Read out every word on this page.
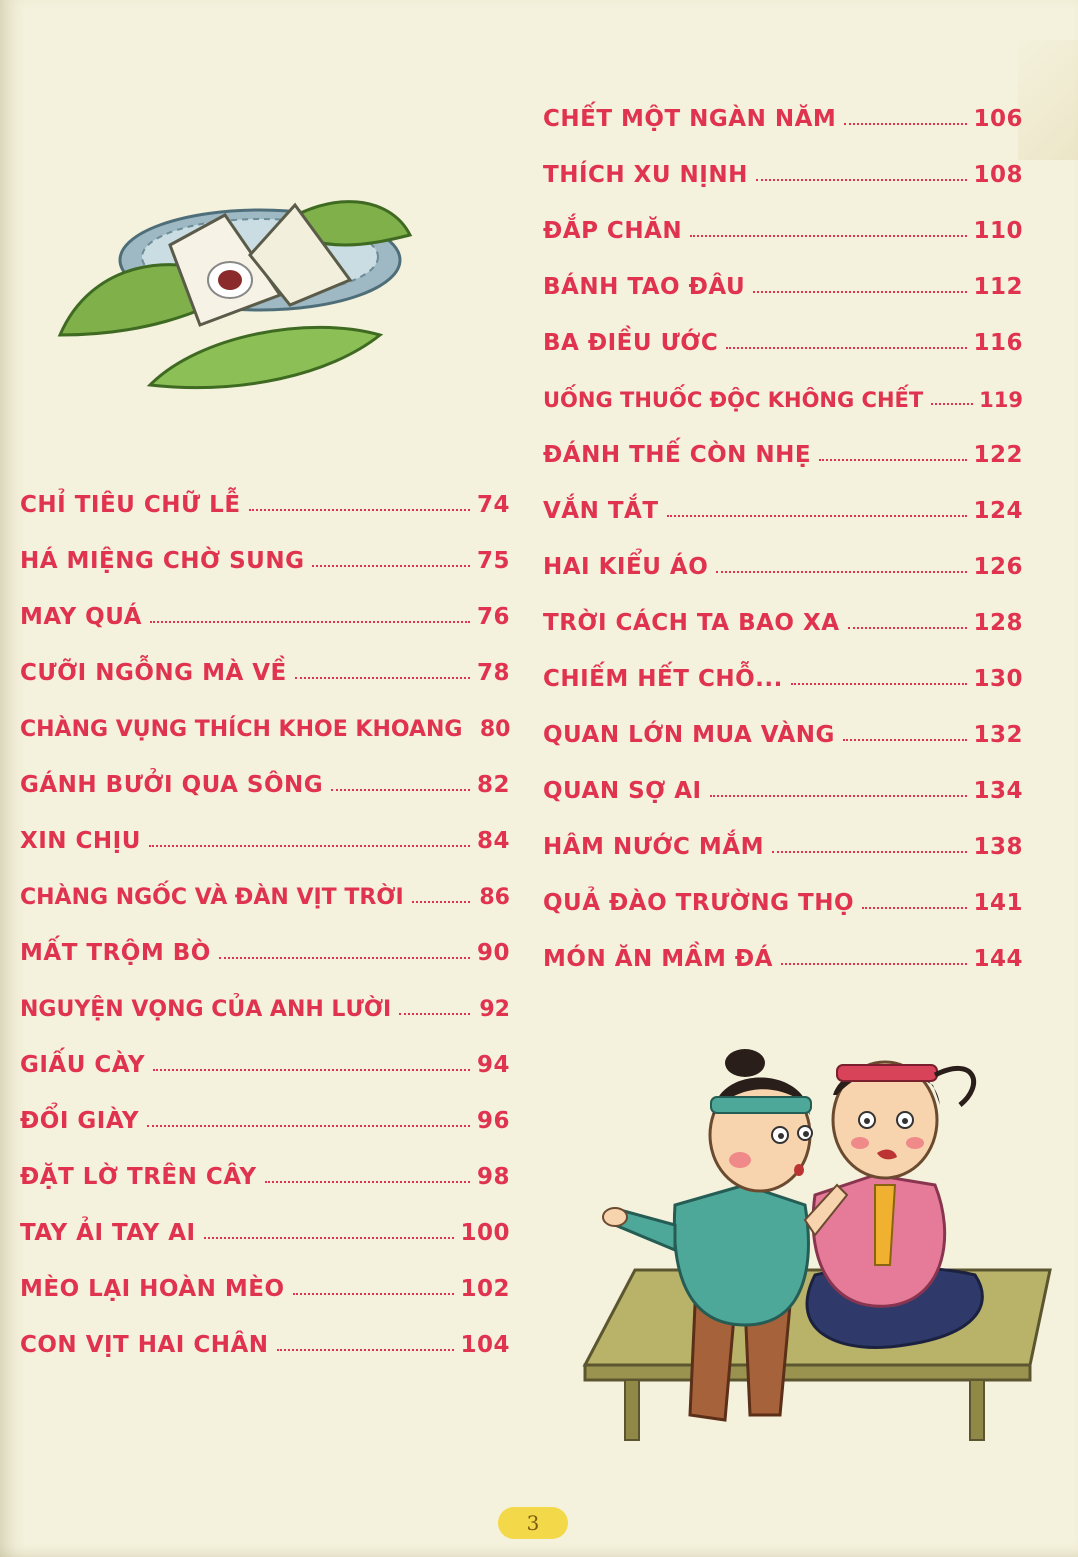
CHỈ TIÊU CHỮ LỄ	74
HÁ MIỆNG CHỜ SUNG	75
MAY QUÁ	76
CƯỠI NGỖNG MÀ VỀ	78
CHÀNG VỤNG THÍCH KHOE KHOANG 80
GÁNH BƯỞI QUA SÔNG	82
XIN CHỊU	84
CHÀNG NGỐC VÀ ĐÀN VỊT TRỜI	86
MẤT TRỘM BÒ	90
NGUYỆN VỌNG CỦA ANH LƯỜI	92
GIẤU CÀY	94
ĐỔI GIÀY	96
ĐẶT LỜ TRÊN CÂY	98
TAY ẢI TAY AI	100
MÈO LẠI HOÀN MÈO	102
CON VỊT HAI CHÂN	104
CHẾT MỘT NGÀN NĂM	106
THÍCH XU NỊNH	108
ĐẮP CHĂN	110
BÁNH TAO ĐÂU	112
BA ĐIỀU ƯỚC	116
UỐNG THUỐC ĐỘC KHÔNG CHẾT	119
ĐÁNH THẾ CÒN NHẸ	122
VẮN TẮT	124
HAI KIỂU ÁO	126
TRỜI CÁCH TA BAO XA	128
CHIẾM HẾT CHỖ...	130
QUAN LỚN MUA VÀNG	132
QUAN SỢ AI	134
HÂM NƯỚC MẮM	138
QUẢ ĐÀO TRƯỜNG THỌ	141
MÓN ĂN MẦM ĐÁ	144
3
